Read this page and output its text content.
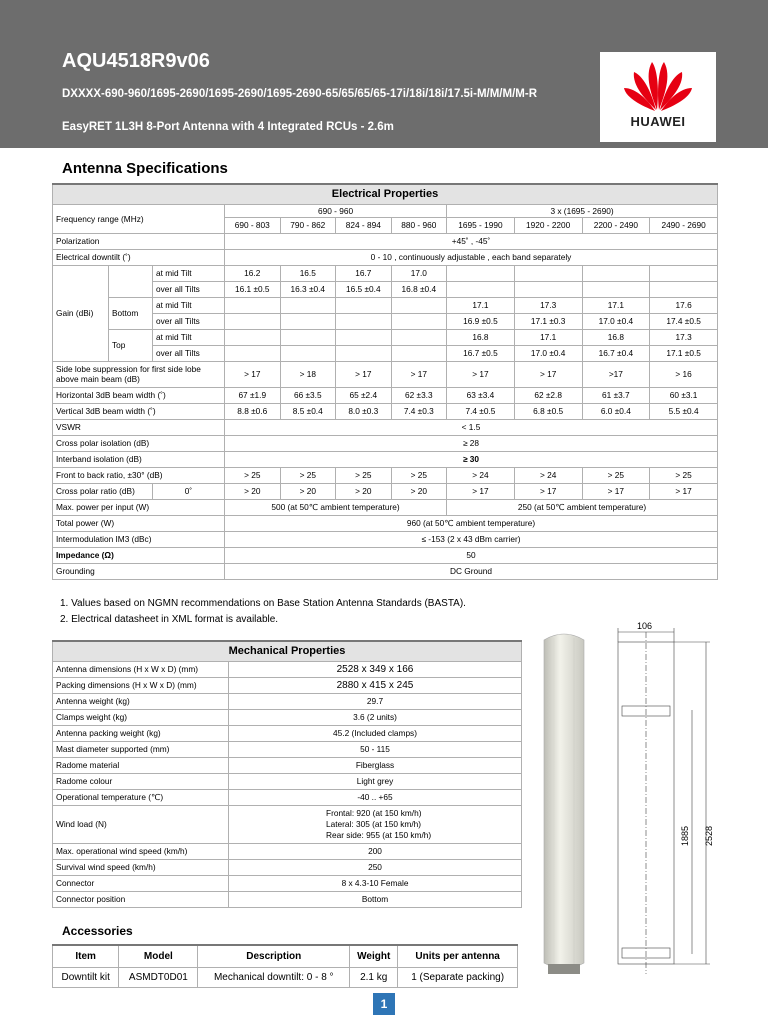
AQU4518R9v06
DXXXX-690-960/1695-2690/1695-2690/1695-2690-65/65/65/65-17i/18i/18i/17.5i-M/M/M/M-R
EasyRET 1L3H 8-Port Antenna with 4 Integrated RCUs - 2.6m	HUAWEI
Antenna Specifications
Electrical Properties										
Frequency range (MHz)			690 - 960				3 x (1695 - 2690)			
			690 - 803	790 - 862	824 - 894	880 - 960	1695 - 1990	1920 - 2200	2200 - 2490	2490 - 2690
Polarization			+45˚ , -45˚							
Electrical downtilt (˚)			0 - 10 , continuously adjustable , each band separately							
Gain (dBi)		at mid Tilt	16.2	16.5	16.7	17.0				
		over all Tilts	16.1 ±0.5	16.3 ±0.4	16.5 ±0.4	16.8 ±0.4				
	Bottom	at mid Tilt					17.1	17.3	17.1	17.6
		over all Tilts					16.9 ±0.5	17.1 ±0.3	17.0 ±0.4	17.4 ±0.5
	Top	at mid Tilt					16.8	17.1	16.8	17.3
		over all Tilts					16.7 ±0.5	17.0 ±0.4	16.7 ±0.4	17.1 ±0.5
Side lobe suppression for first side lobe above main beam (dB)			> 17	> 18	> 17	> 17	> 17	> 17	>17	> 16
Horizontal 3dB beam width (˚)			67 ±1.9	66 ±3.5	65 ±2.4	62 ±3.3	63 ±3.4	62 ±2.8	61 ±3.7	60 ±3.1
Vertical 3dB beam width (˚)			8.8 ±0.6	8.5 ±0.4	8.0 ±0.3	7.4 ±0.3	7.4 ±0.5	6.8 ±0.5	6.0 ±0.4	5.5 ±0.4
VSWR			< 1.5							
Cross polar isolation (dB)			≥ 28							
Interband isolation (dB)			≥ 30							
Front to back ratio, ±30° (dB)			> 25	> 25	> 25	> 25	> 24	> 24	> 25	> 25
Cross polar ratio (dB)		0˚	> 20	> 20	> 20	> 20	> 17	> 17	> 17	> 17
Max. power per input (W)			500 (at 50℃ ambient temperature)				250 (at 50℃ ambient temperature)			
Total power (W)			960 (at 50℃ ambient temperature)							
Intermodulation IM3 (dBc)			≤ -153 (2 x 43 dBm carrier)							
Impedance (Ω)			50							
Grounding			DC Ground							
1. Values based on NGMN recommendations on Base Station Antenna Standards (BASTA).
2. Electrical datasheet in XML format is available.
Mechanical Properties	
Antenna dimensions (H x W x D) (mm)	2528 x 349 x 166
Packing dimensions (H x W x D) (mm)	2880 x 415 x 245
Antenna weight (kg)	29.7
Clamps weight (kg)	3.6 (2 units)
Antenna packing weight (kg)	45.2 (Included clamps)
Mast diameter supported (mm)	50 - 115
Radome material	Fiberglass
Radome colour	Light grey
Operational temperature (℃)	-40 .. +65
Wind load (N)	Frontal: 920 (at 150 km/h)
Lateral: 305 (at 150 km/h)
Rear side: 955 (at 150 km/h)

Max. operational wind speed (km/h)	200
Survival wind speed (km/h)	250
Connector	8 x 4.3-10 Female
Connector position	Bottom
Accessories
Item	Model	Description	Weight	Units per antenna
Downtilt kit	ASMDT0D01	Mechanical downtilt: 0 - 8 °	2.1 kg	1 (Separate packing)
106
1885 2528
1
